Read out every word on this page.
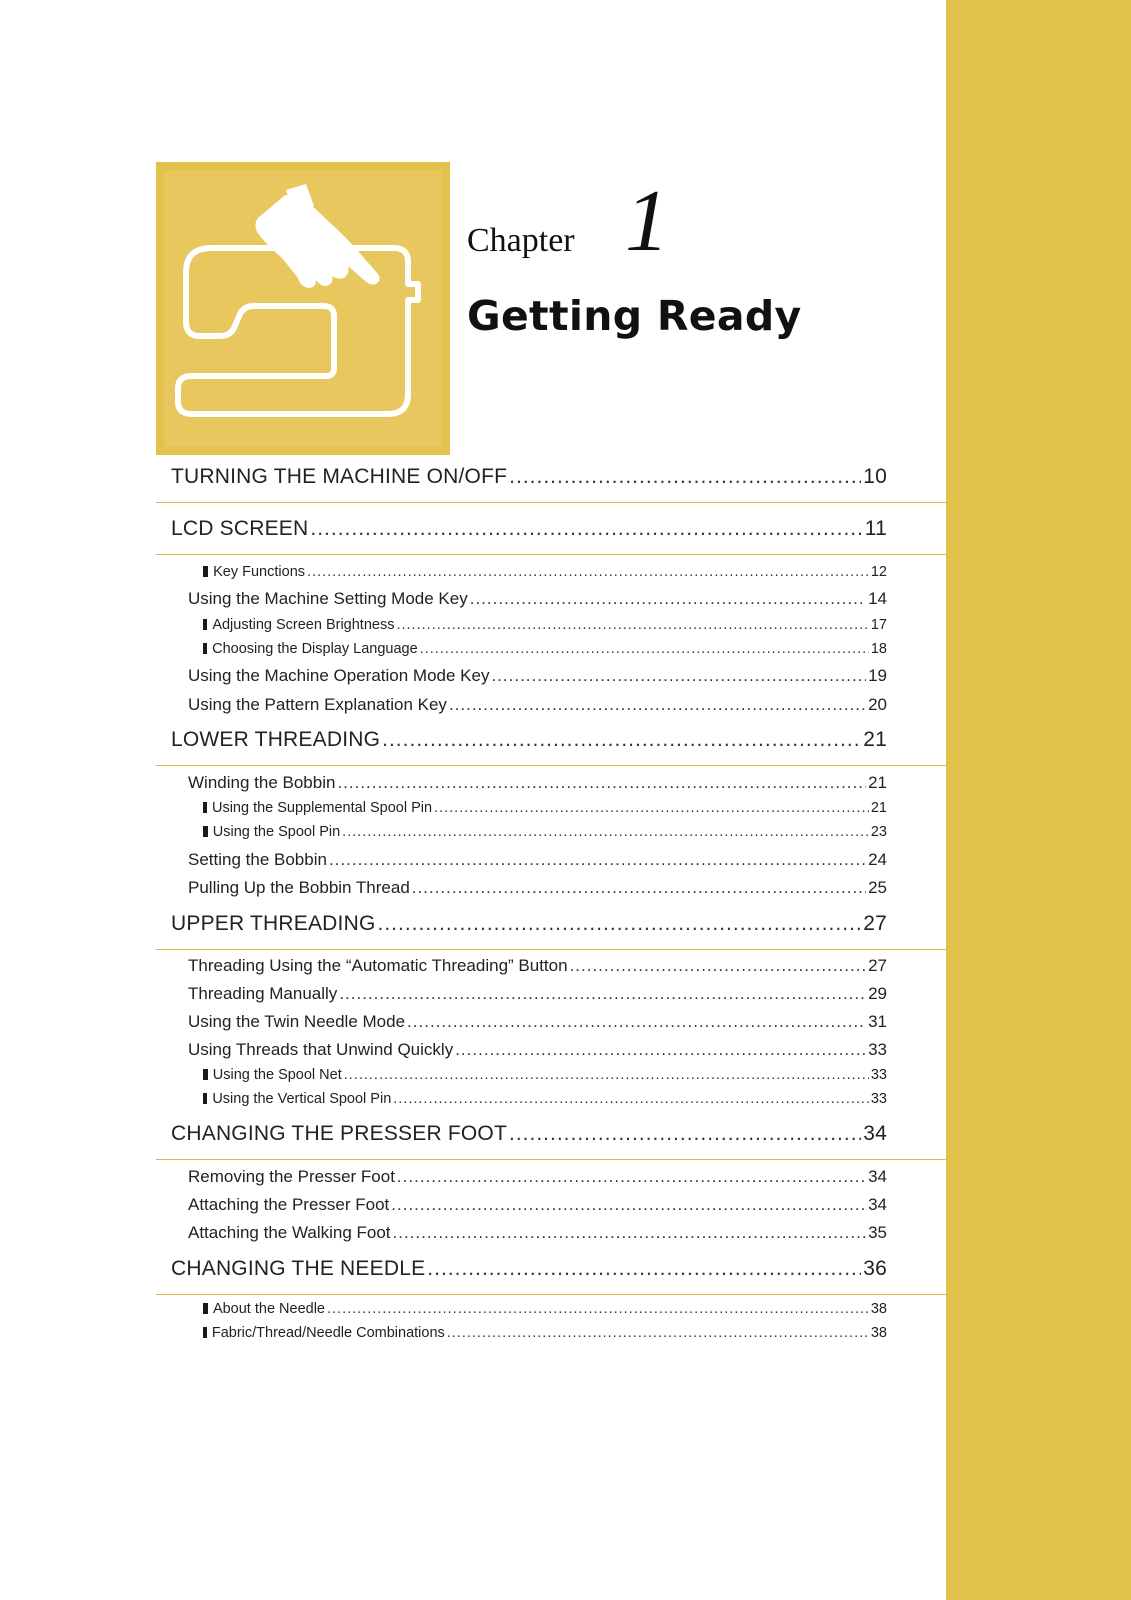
Chapter 1
Getting Ready
TURNING THE MACHINE ON/OFF .....	10
LCD SCREEN .....	11
Key Functions .....	12
Using the Machine Setting Mode Key .....	14
Adjusting Screen Brightness .....	17
Choosing the Display Language .....	18
Using the Machine Operation Mode Key .....	19
Using the Pattern Explanation Key .....	20
LOWER THREADING .....	21
Winding the Bobbin .....	21
Using the Supplemental Spool Pin .....	21
Using the Spool Pin .....	23
Setting the Bobbin .....	24
Pulling Up the Bobbin Thread .....	25
UPPER THREADING .....	27
Threading Using the “Automatic Threading” Button .....	27
Threading Manually .....	29
Using the Twin Needle Mode .....	31
Using Threads that Unwind Quickly .....	33
Using the Spool Net .....	33
Using the Vertical Spool Pin .....	33
CHANGING THE PRESSER FOOT .....	34
Removing the Presser Foot .....	34
Attaching the Presser Foot .....	34
Attaching the Walking Foot .....	35
CHANGING THE NEEDLE .....	36
About the Needle .....	38
Fabric/Thread/Needle Combinations .....	38
